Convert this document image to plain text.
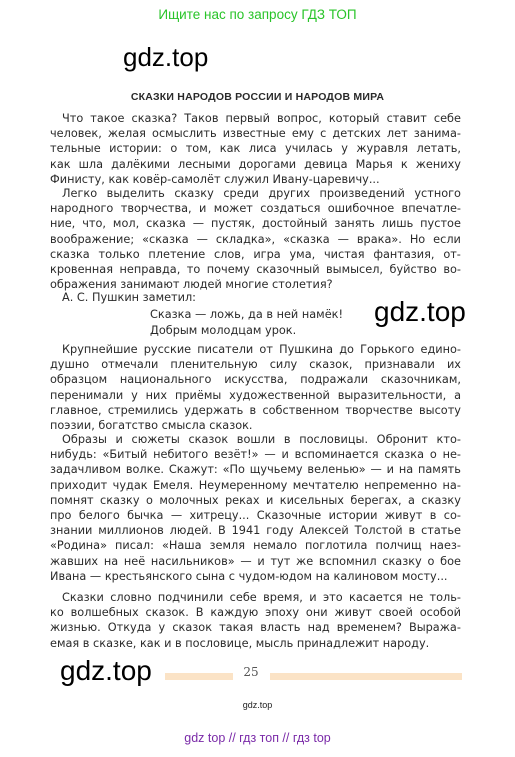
Ищите нас по запросу ГДЗ ТОП
gdz.top
СКАЗКИ НАРОДОВ РОССИИ И НАРОДОВ МИРА
Что такое сказка? Таков первый вопрос, который ставит себе
человек, желая осмыслить известные ему с детских лет занима-
тельные истории: о том, как лиса училась у журавля летать,
как шла далёкими лесными дорогами девица Марья к жениху
Финисту, как ковёр-самолёт служил Ивану-царевичу...
Легко выделить сказку среди других произведений устного
народного творчества, и может создаться ошибочное впечатле-
ние, что, мол, сказка — пустяк, достойный занять лишь пустое
воображение; «сказка — складка», «сказка — врака». Но если
сказка только плетение слов, игра ума, чистая фантазия, от-
кровенная неправда, то почему сказочный вымысел, буйство во-
ображения занимают людей многие столетия?
А. С. Пушкин заметил:
Сказка — ложь, да в ней намёк!
Добрым молодцам урок.
gdz.top
Крупнейшие русские писатели от Пушкина до Горького едино-
душно отмечали пленительную силу сказок, признавали их
образцом национального искусства, подражали сказочникам,
перенимали у них приёмы художественной выразительности, а
главное, стремились удержать в собственном творчестве высоту
поэзии, богатство смысла сказок.
Образы и сюжеты сказок вошли в пословицы. Обронит кто-
нибудь: «Битый небитого везёт!» — и вспоминается сказка о не-
задачливом волке. Скажут: «По щучьему веленью» — и на память
приходит чудак Емеля. Неумеренному мечтателю непременно на-
помнят сказку о молочных реках и кисельных берегах, а сказку
про белого бычка — хитрецу... Сказочные истории живут в со-
знании миллионов людей. В 1941 году Алексей Толстой в статье
«Родина» писал: «Наша земля немало поглотила полчищ наез-
жавших на неё насильников» — и тут же вспомнил сказку о бое
Ивана — крестьянского сына с чудом-юдом на калиновом мосту...
Сказки словно подчинили себе время, и это касается не толь-
ко волшебных сказок. В каждую эпоху они живут своей особой
жизнью. Откуда у сказок такая власть над временем? Выража-
емая в сказке, как и в пословице, мысль принадлежит народу.
gdz.top	25
gdz.top
gdz top // гдз топ // гдз top
